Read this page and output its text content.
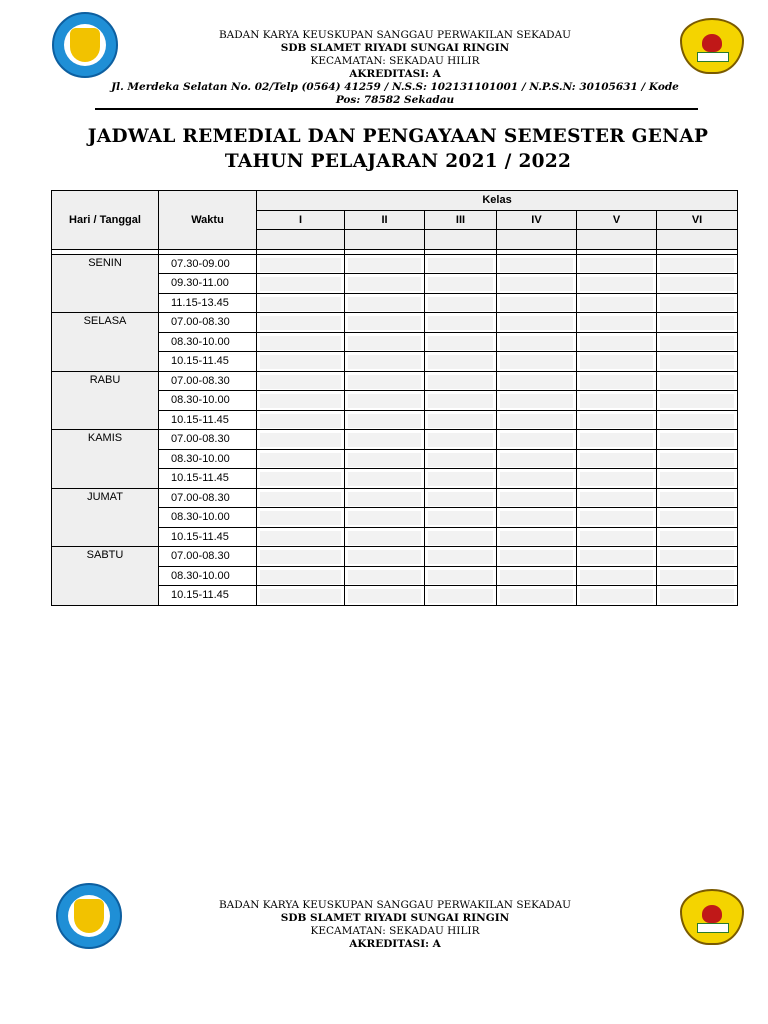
BADAN KARYA KEUSKUPAN SANGGAU PERWAKILAN SEKADAU
SDB SLAMET RIYADI SUNGAI RINGIN
KECAMATAN: SEKADAU HILIR
AKREDITASI: A
Jl. Merdeka Selatan No. 02/Telp (0564) 41259 / N.S.S: 102131101001 / N.P.S.N: 30105631 / Kode
Pos: 78582 Sekadau
JADWAL REMEDIAL DAN PENGAYAAN SEMESTER GENAP
TAHUN PELAJARAN 2021 / 2022
Hari / Tanggal	Waktu	Kelas					
		I	II	III	IV	V	VI

SENIN	07.30-09.00	

	09.30-11.00	

	11.15-13.45	

SELASA	07.00-08.30	

	08.30-10.00	

	10.15-11.45	

RABU	07.00-08.30	

	08.30-10.00	

	10.15-11.45	

KAMIS	07.00-08.30	

	08.30-10.00	

	10.15-11.45	

JUMAT	07.00-08.30	

	08.30-10.00	

	10.15-11.45	

SABTU	07.00-08.30	

	08.30-10.00	

	10.15-11.45	

BADAN KARYA KEUSKUPAN SANGGAU PERWAKILAN SEKADAU
SDB SLAMET RIYADI SUNGAI RINGIN
KECAMATAN: SEKADAU HILIR
AKREDITASI: A
